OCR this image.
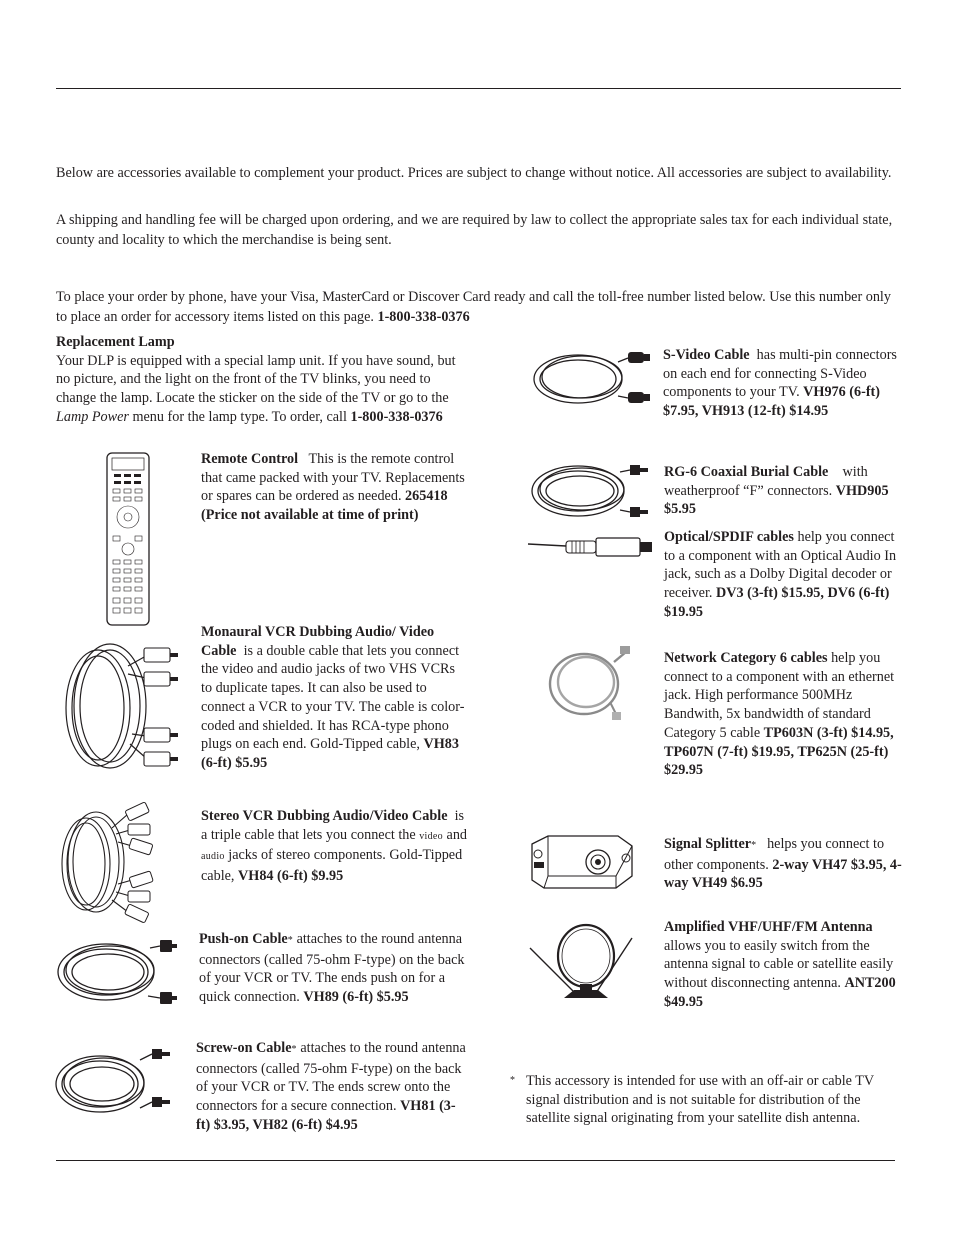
Below are accessories available to complement your product. Prices are subject to change without notice. All accessories are subject to availability.

A shipping and handling fee will be charged upon ordering, and we are required by law to collect the appropriate sales tax for each individual state, county and locality to which the merchandise is being sent.

To place your order by phone, have your Visa, MasterCard or Discover Card ready and call the toll-free number listed below. Use this number only to place an order for accessory items listed on this page. 1-800-338-0376

Replacement Lamp
Your DLP is equipped with a special lamp unit. If you have sound, but no picture, and the light on the front of the TV blinks, you need to change the lamp. Locate the sticker on the side of the TV or go to the Lamp Power menu for the lamp type. To order, call 1-800-338-0376
Remote Control This is the remote control that came packed with your TV. Replacements or spares can be ordered as needed. 265418 (Price not available at time of print)
Monaural VCR Dubbing Audio/ Video Cable is a double cable that lets you connect the video and audio jacks of two VHS VCRs to duplicate tapes. It can also be used to connect a VCR to your TV. The cable is color-coded and shielded. It has RCA-type phono plugs on each end. Gold-Tipped cable, VH83 (6-ft) $5.95
Stereo VCR Dubbing Audio/Video Cable is a triple cable that lets you connect the video and audio jacks of stereo components. Gold-Tipped cable, VH84 (6-ft) $9.95
Push-on Cable* attaches to the round antenna connectors (called 75-ohm F-type) on the back of your VCR or TV. The ends push on for a quick connection. VH89 (6-ft) $5.95
Screw-on Cable* attaches to the round antenna connectors (called 75-ohm F-type) on the back of your VCR or TV. The ends screw onto the connectors for a secure connection. VH81 (3-ft) $3.95, VH82 (6-ft) $4.95
S-Video Cable has multi-pin connectors on each end for connecting S-Video components to your TV. VH976 (6-ft) $7.95, VH913 (12-ft) $14.95
RG-6 Coaxial Burial Cable with weatherproof “F” connectors. VHD905 $5.95
Optical/SPDIF cables help you connect to a component with an Optical Audio In jack, such as a Dolby Digital decoder or receiver. DV3 (3-ft) $15.95, DV6 (6-ft) $19.95
Network Category 6 cables help you connect to a component with an ethernet jack. High performance 500MHz Bandwith, 5x bandwidth of standard Category 5 cable TP603N (3-ft) $14.95, TP607N (7-ft) $19.95, TP625N (25-ft) $29.95
Signal Splitter* helps you connect to other components. 2-way VH47 $3.95, 4-way VH49 $6.95
Amplified VHF/UHF/FM Antenna    allows you to easily switch from the antenna signal to cable or satellite easily without disconnecting antenna. ANT200 $49.95
* This accessory is intended for use with an off-air or cable TV signal distribution and is not suitable for distribution of the satellite signal originating from your satellite dish antenna.
